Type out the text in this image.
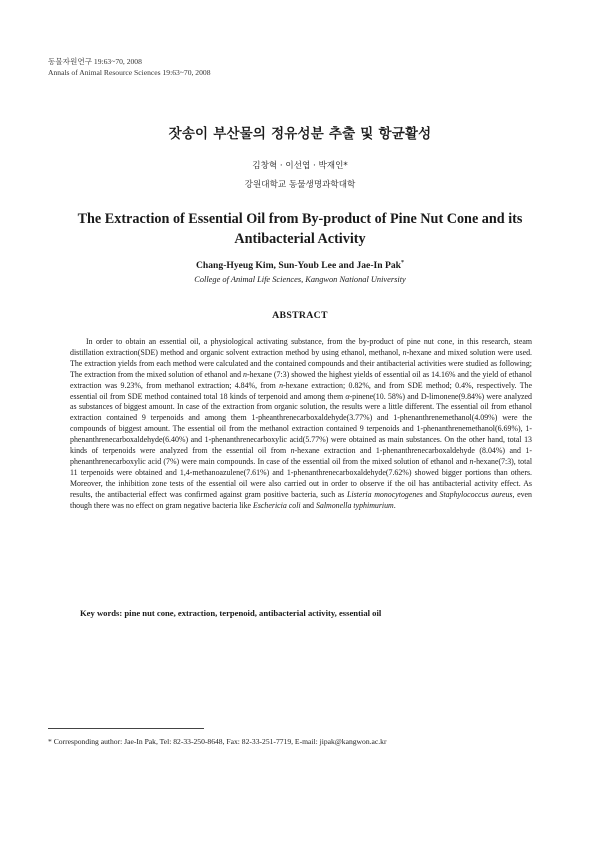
동물자원연구 19:63~70, 2008
Annals of Animal Resource Sciences 19:63~70, 2008
잣송이 부산물의 정유성분 추출 및 항균활성
김창혁 · 이선엽 · 박재인*
강원대학교 동물생명과학대학
The Extraction of Essential Oil from By-product of Pine Nut Cone and its Antibacterial Activity
Chang-Hyeug Kim, Sun-Youb Lee and Jae-In Pak*
College of Animal Life Sciences, Kangwon National University
ABSTRACT

In order to obtain an essential oil, a physiological activating substance, from the by-product of pine nut cone, in this research, steam distillation extraction(SDE) method and organic solvent extraction method by using ethanol, methanol, n-hexane and mixed solution were used. The extraction yields from each method were calculated and the contained compounds and their antibacterial activities were studied as following; The extraction from the mixed solution of ethanol and n-hexane (7:3) showed the highest yields of essential oil as 14.16% and the yield of ethanol extraction was 9.23%, from methanol extraction; 4.84%, from n-hexane extraction; 0.82%, and from SDE method; 0.4%, respectively. The essential oil from SDE method contained total 18 kinds of terpenoid and among them α-pinene(10. 58%) and D-limonene(9.84%) were analyzed as substances of biggest amount. In case of the extraction from organic solution, the results were a little different. The essential oil from ethanol extraction contained 9 terpenoids and among them 1-pheanthrenecarboxaldehyde(3.77%) and 1-phenanthrenemethanol(4.09%) were the compounds of biggest amount. The essential oil from the methanol extraction contained 9 terpenoids and 1-phenanthrenemethanol(6.69%), 1-phenanthrenecarboxaldehyde(6.40%) and 1-phenanthrenecarboxylic acid(5.77%) were obtained as main substances. On the other hand, total 13 kinds of terpenoids were analyzed from the essential oil from n-hexane extraction and 1-phenanthrenecarboxaldehyde (8.04%) and 1-phenanthrenecarboxylic acid (7%) were main compounds. In case of the essential oil from the mixed solution of ethanol and n-hexane(7:3), total 11 terpenoids were obtained and 1,4-methanoazulene(7.61%) and 1-phenanthrenecarboxaldehyde(7.62%) showed bigger portions than others. Moreover, the inhibition zone tests of the essential oil were also carried out in order to observe if the oil has antibacterial activity effect. As results, the antibacterial effect was confirmed against gram positive bacteria, such as Listeria monocytogenes and Staphylococcus aureus, even though there was no effect on gram negative bacteria like Eschericia coli and Salmonella typhimurium.

Key words: pine nut cone, extraction, terpenoid, antibacterial activity, essential oil
* Corresponding author: Jae-In Pak, Tel: 82-33-250-8648, Fax: 82-33-251-7719, E-mail: jipak@kangwon.ac.kr
